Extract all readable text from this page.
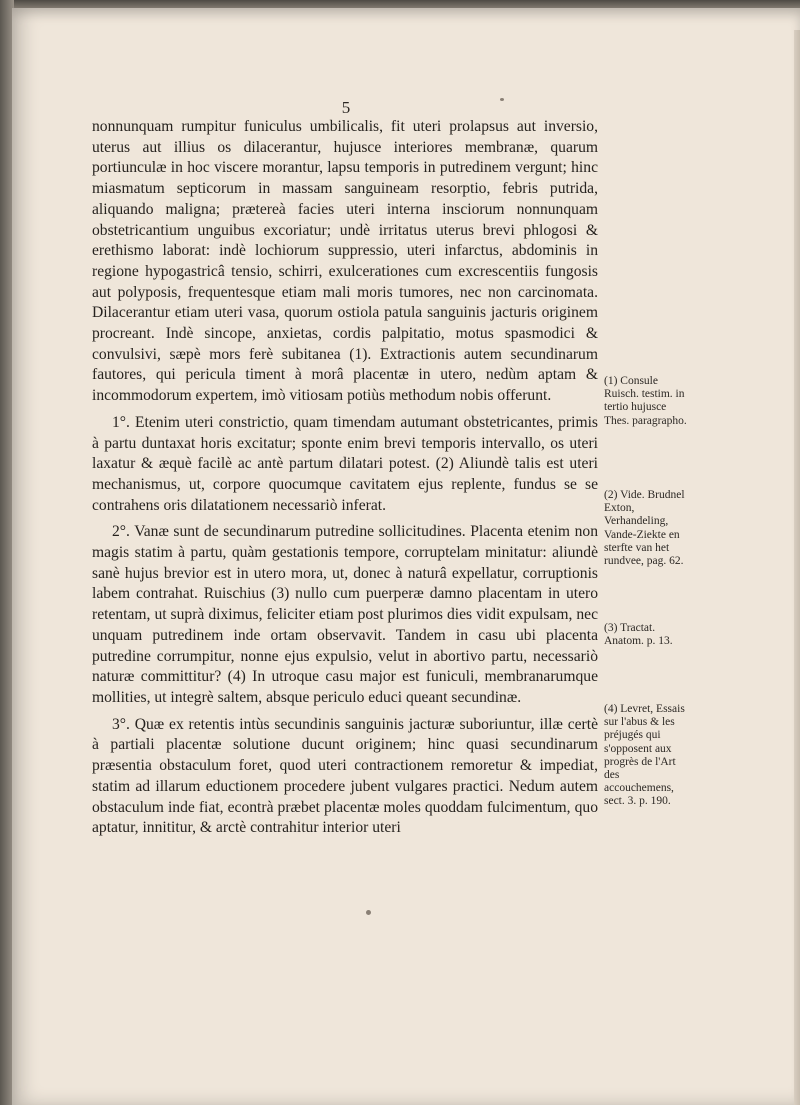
5

nonnunquam rumpitur funiculus umbilicalis, fit uteri prolapsus aut inversio, uterus aut illius os dilacerantur, hujusce interiores membranæ, quarum portiunculæ in hoc viscere morantur, lapsu temporis in putredinem vergunt; hinc miasmatum septicorum in massam sanguineam resorptio, febris putrida, aliquando maligna; prætereà facies uteri interna insciorum nonnunquam obstetricantium unguibus excoriatur; undè irritatus uterus brevi phlogosi & erethismo laborat: indè lochiorum suppressio, uteri infarctus, abdominis in regione hypogastricâ tensio, schirri, exulcerationes cum excrescentiis fungosis aut polyposis, frequentesque etiam mali moris tumores, nec non carcinomata. Dilacerantur etiam uteri vasa, quorum ostiola patula sanguinis jacturis originem procreant. Indè sincope, anxietas, cordis palpitatio, motus spasmodici & convulsivi, sæpè mors ferè subitanea (1). Extractionis autem secundinarum fautores, qui pericula timent à morâ placentæ in utero, nedùm aptam & incommodorum expertem, imò vitiosam potiùs methodum nobis offerunt.

1°. Etenim uteri constrictio, quam timendam autumant obstetricantes, primis à partu duntaxat horis excitatur; sponte enim brevi temporis intervallo, os uteri laxatur & æquè facilè ac antè partum dilatari potest. (2) Aliundè talis est uteri mechanismus, ut, corpore quocumque cavitatem ejus replente, fundus se se contrahens oris dilatationem necessariò inferat.

2°. Vanæ sunt de secundinarum putredine sollicitudines. Placenta etenim non magis statim à partu, quàm gestationis tempore, corruptelam minitatur: aliundè sanè hujus brevior est in utero mora, ut, donec à naturâ expellatur, corruptionis labem contrahat. Ruischius (3) nullo cum puerperæ damno placentam in utero retentam, ut suprà diximus, feliciter etiam post plurimos dies vidit expulsam, nec unquam putredinem inde ortam observavit. Tandem in casu ubi placenta putredine corrumpitur, nonne ejus expulsio, velut in abortivo partu, necessariò naturæ committitur? (4) In utroque casu major est funiculi, membranarumque mollities, ut integrè saltem, absque periculo educi queant secundinæ.

3°. Quæ ex retentis intùs secundinis sanguinis jacturæ suboriuntur, illæ certè à partiali placentæ solutione ducunt originem; hinc quasi secundinarum præsentia obstaculum foret, quod uteri contractionem remoretur & impediat, statim ad illarum eductionem procedere jubent vulgares practici. Nedum autem obstaculum inde fiat, econtrà præbet placentæ moles quoddam fulcimentum, quo aptatur, innititur, & arctè contrahitur interior uteri

(1) Consule Ruisch. testim. in tertio hujusce Thes. paragrapho.

(2) Vide. Brudnel Exton, Verhandeling, Vande-Ziekte en sterfte van het rundvee, pag. 62.

(3) Tractat. Anatom. p. 13.

(4) Levret, Essais sur l'abus & les préjugés qui s'opposent aux progrès de l'Art des accouchemens, sect. 3. p. 190.
